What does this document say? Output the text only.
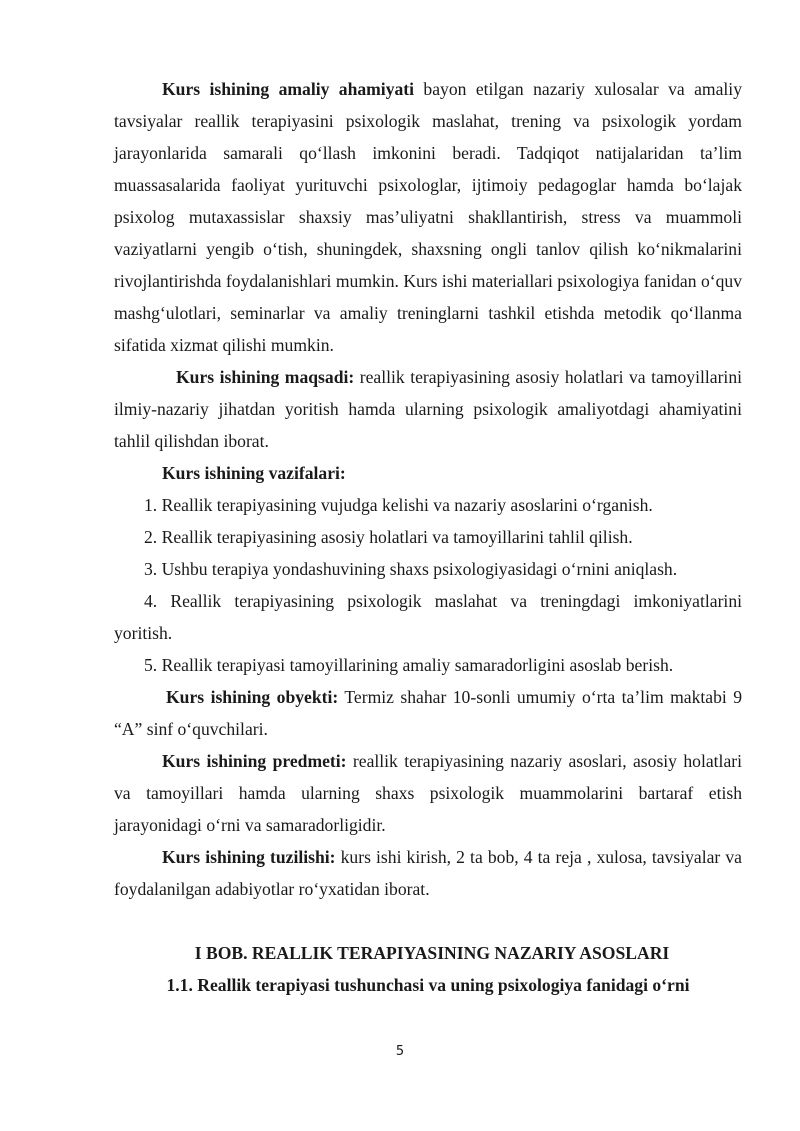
Kurs ishining amaliy ahamiyati bayon etilgan nazariy xulosalar va amaliy tavsiyalar reallik terapiyasini psixologik maslahat, trening va psixologik yordam jarayonlarida samarali qo‘llash imkonini beradi. Tadqiqot natijalaridan ta’lim muassasalarida faoliyat yurituvchi psixologlar, ijtimoiy pedagoglar hamda bo‘lajak psixolog mutaxassislar shaxsiy mas’uliyatni shakllantirish, stress va muammoli vaziyatlarni yengib o‘tish, shuningdek, shaxsning ongli tanlov qilish ko‘nikmalarini rivojlantirishda foydalanishlari mumkin. Kurs ishi materiallari psixologiya fanidan o‘quv mashg‘ulotlari, seminarlar va amaliy treninglarni tashkil etishda metodik qo‘llanma sifatida xizmat qilishi mumkin.

Kurs ishining maqsadi: reallik terapiyasining asosiy holatlari va tamoyillarini ilmiy-nazariy jihatdan yoritish hamda ularning psixologik amaliyotdagi ahamiyatini tahlil qilishdan iborat.

Kurs ishining vazifalari:

1. Reallik terapiyasining vujudga kelishi va nazariy asoslarini o‘rganish.
2. Reallik terapiyasining asosiy holatlari va tamoyillarini tahlil qilish.
3. Ushbu terapiya yondashuvining shaxs psixologiyasidagi o‘rnini aniqlash.
4. Reallik terapiyasining psixologik maslahat va treningdagi imkoniyatlarini yoritish.
5. Reallik terapiyasi tamoyillarining amaliy samaradorligini asoslab berish.

Kurs ishining obyekti: Termiz shahar 10-sonli umumiy o‘rta ta’lim maktabi 9 “A” sinf o‘quvchilari.

Kurs ishining predmeti: reallik terapiyasining nazariy asoslari, asosiy holatlari va tamoyillari hamda ularning shaxs psixologik muammolarini bartaraf etish jarayonidagi o‘rni va samaradorligidir.

Kurs ishining tuzilishi: kurs ishi kirish, 2 ta bob, 4 ta reja , xulosa, tavsiyalar va foydalanilgan adabiyotlar ro‘yxatidan iborat.

I BOB. REALLIK TERAPIYASINING NAZARIY ASOSLARI

1.1. Reallik terapiyasi tushunchasi va uning psixologiya fanidagi o‘rni

5
